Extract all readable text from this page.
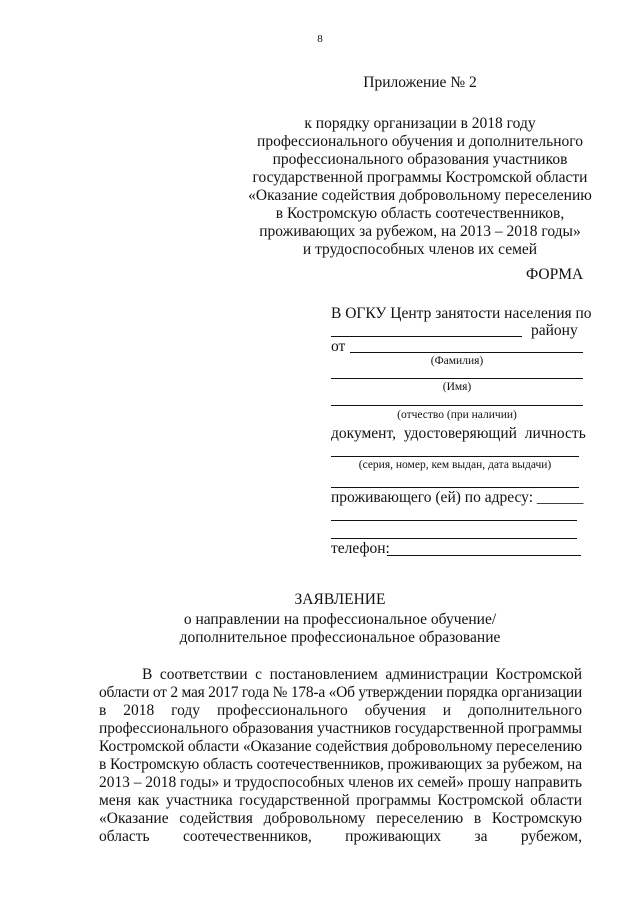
8
Приложение № 2
к порядку организации в 2018 году
профессионального обучения и дополнительного
профессионального образования участников
государственной программы Костромской области
«Оказание содействия добровольному переселению
в Костромскую область соотечественников,
проживающих за рубежом, на 2013 – 2018 годы»
и трудоспособных членов их семей
ФОРМА
В ОГКУ Центр занятости населения по
району
от
(Фамилия)
(Имя)
(отчество (при наличии)
документ, удостоверяющий личность
(серия, номер, кем выдан, дата выдачи)
проживающего (ей) по адресу: ______
телефон:
ЗАЯВЛЕНИЕ
о направлении на профессиональное обучение/
дополнительное профессиональное образование
В соответствии с постановлением администрации Костромской
области от 2 мая 2017 года № 178-а «Об утверждении порядка организации
в 2018 году профессионального обучения и дополнительного
профессионального образования участников государственной программы
Костромской области «Оказание содействия добровольному переселению
в Костромскую область соотечественников, проживающих за рубежом, на
2013 – 2018 годы» и трудоспособных членов их семей» прошу направить
меня как участника государственной программы Костромской области
«Оказание содействия добровольному переселению в Костромскую
область соотечественников, проживающих за рубежом,
